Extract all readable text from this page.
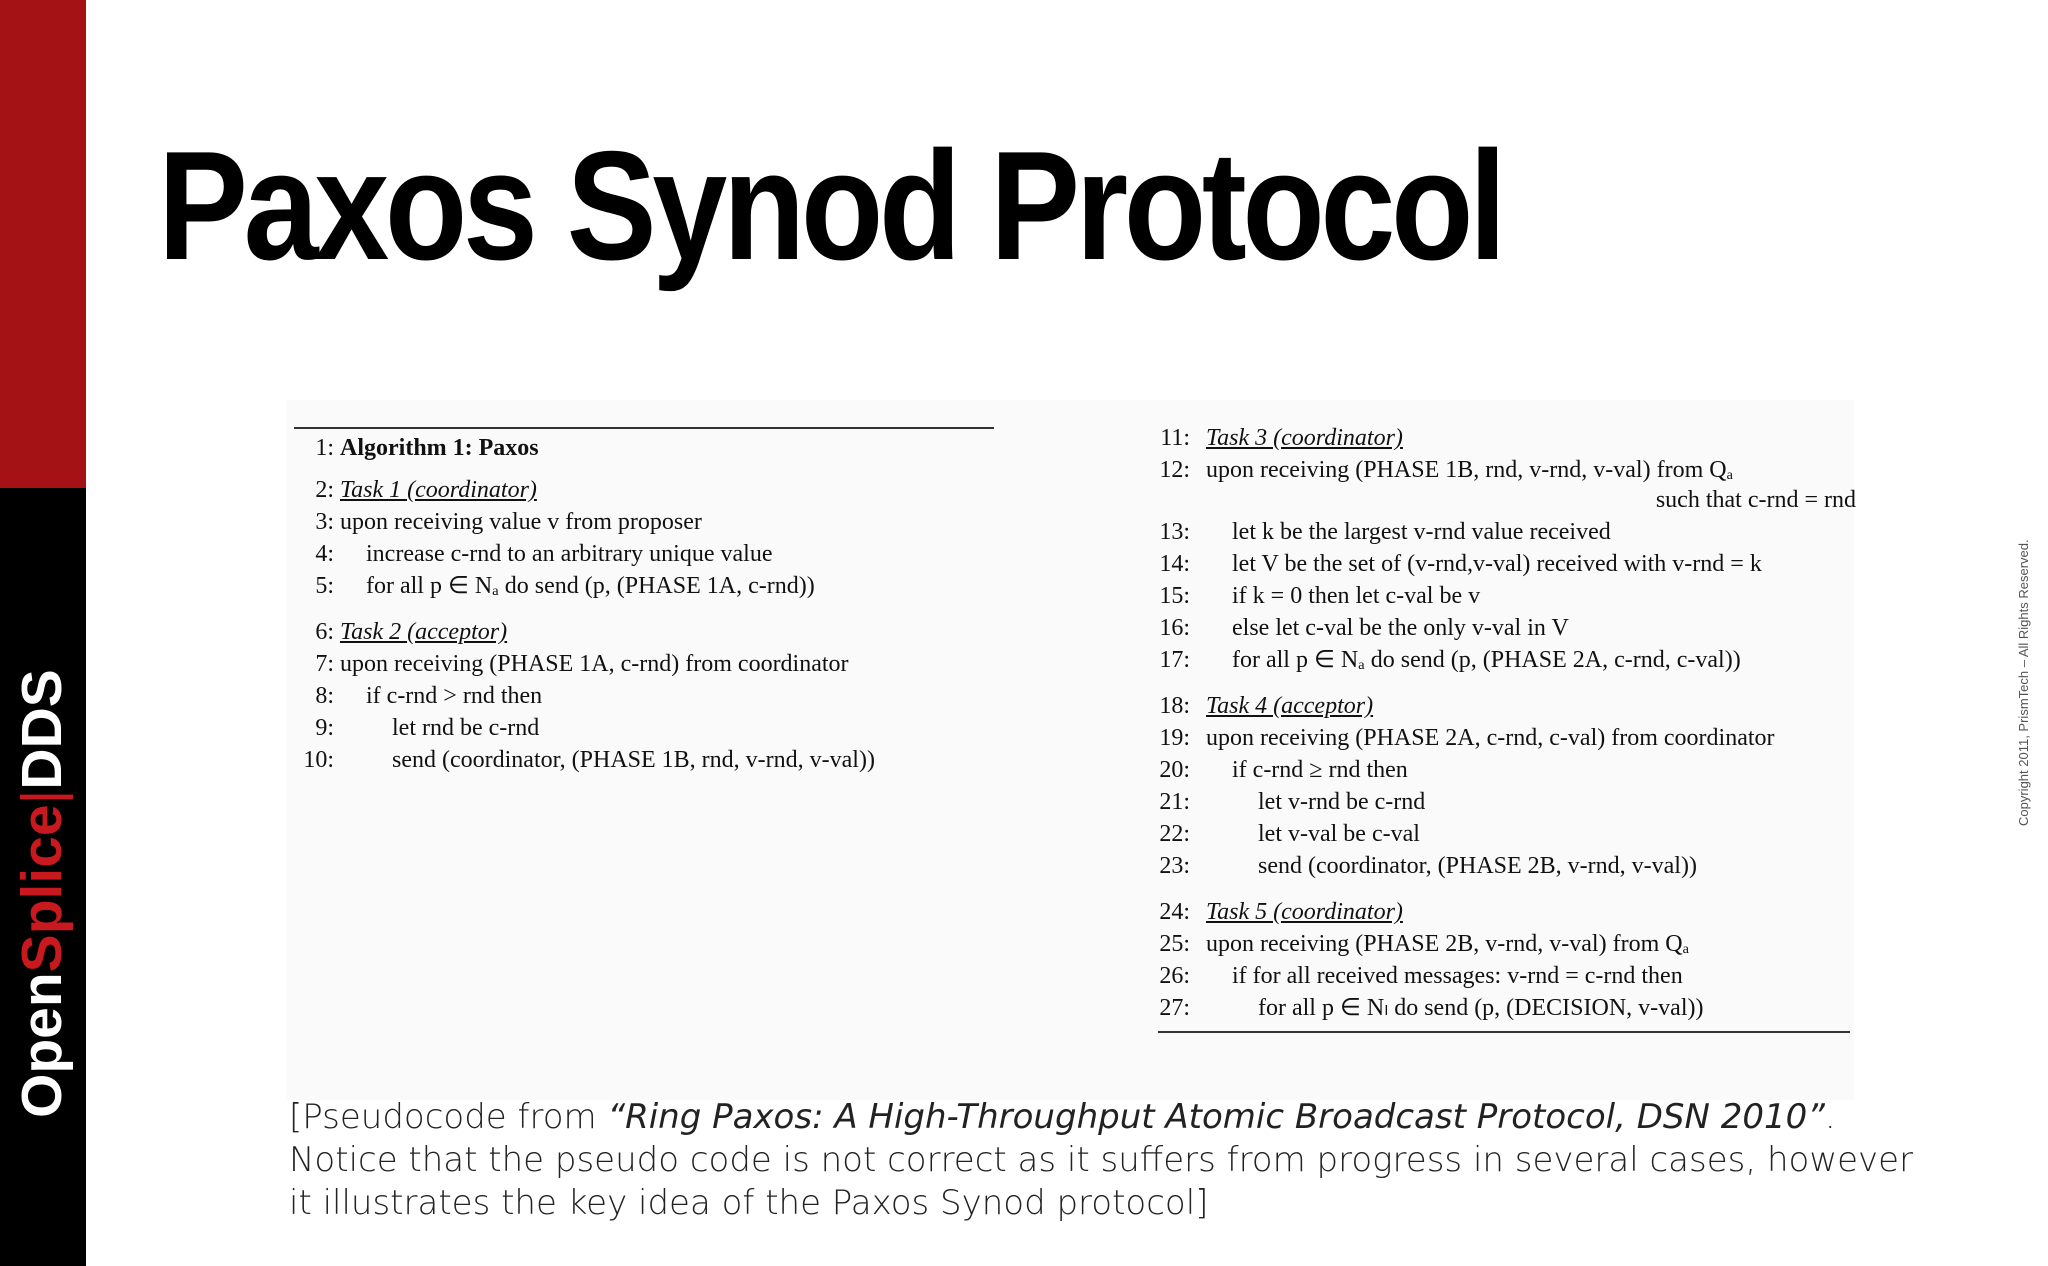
OpenSplice|DDS
Paxos Synod Protocol
Copyright 2011, PrismTech – All Rights Reserved.
1: Algorithm 1: Paxos
2: Task 1 (coordinator)
3: upon receiving value v from proposer
4: increase c-rnd to an arbitrary unique value
5: for all p ∈ Nₐ do send (p, (PHASE 1A, c-rnd))
6: Task 2 (acceptor)
7: upon receiving (PHASE 1A, c-rnd) from coordinator
8: if c-rnd > rnd then
9: let rnd be c-rnd
10: send (coordinator, (PHASE 1B, rnd, v-rnd, v-val))
11: Task 3 (coordinator)
12: upon receiving (PHASE 1B, rnd, v-rnd, v-val) from Qₐ
such that c-rnd = rnd
13: let k be the largest v-rnd value received
14: let V be the set of (v-rnd,v-val) received with v-rnd = k
15: if k = 0 then let c-val be v
16: else let c-val be the only v-val in V
17: for all p ∈ Nₐ do send (p, (PHASE 2A, c-rnd, c-val))
18: Task 4 (acceptor)
19: upon receiving (PHASE 2A, c-rnd, c-val) from coordinator
20: if c-rnd ≥ rnd then
21:	let v-rnd be c-rnd
22:	let v-val be c-val
23:	send (coordinator, (PHASE 2B, v-rnd, v-val))
24: Task 5 (coordinator)
25: upon receiving (PHASE 2B, v-rnd, v-val) from Qₐ
26: if for all received messages: v-rnd = c-rnd then
27:	for all p ∈ Nₗ do send (p, (DECISION, v-val))
[Pseudocode from “Ring Paxos: A High-Throughput Atomic Broadcast Protocol, DSN 2010”. Notice that the pseudo code is not correct as it suffers from progress in several cases, however it illustrates the key idea of the Paxos Synod protocol]
